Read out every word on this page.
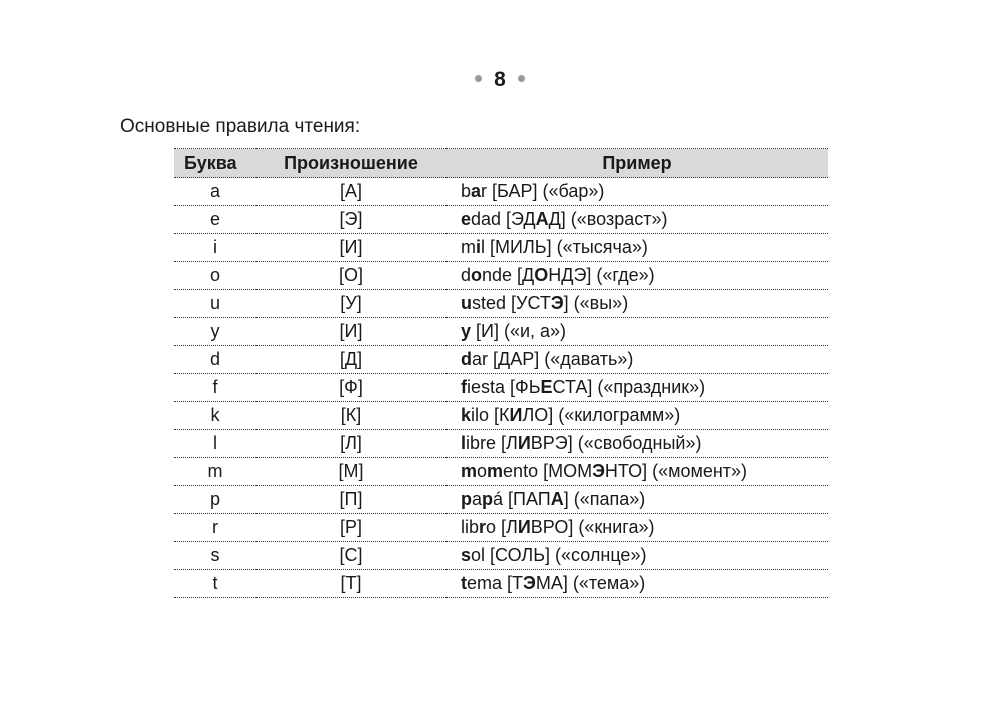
8
Основные правила чтения:
Буква	Произношение	Пример
a	[А]	bar [БАР] («бар»)
e	[Э]	edad [ЭДАД] («возраст»)
i	[И]	mil [МИЛЬ] («тысяча»)
o	[О]	donde [ДОНДЭ] («где»)
u	[У]	usted [УСТЭ] («вы»)
y	[И]	y [И] («и, а»)
d	[Д]	dar [ДАР] («давать»)
f	[Ф]	fiesta [ФЬЕСТА] («праздник»)
k	[К]	kilo [КИЛО] («килограмм»)
l	[Л]	libre [ЛИВРЭ] («свободный»)
m	[М]	momento [МОМЭНТО] («момент»)
p	[П]	papá [ПАПА] («папа»)
r	[Р]	libro [ЛИВРО] («книга»)
s	[С]	sol [СОЛЬ] («солнце»)
t	[Т]	tema [ТЭМА] («тема»)
